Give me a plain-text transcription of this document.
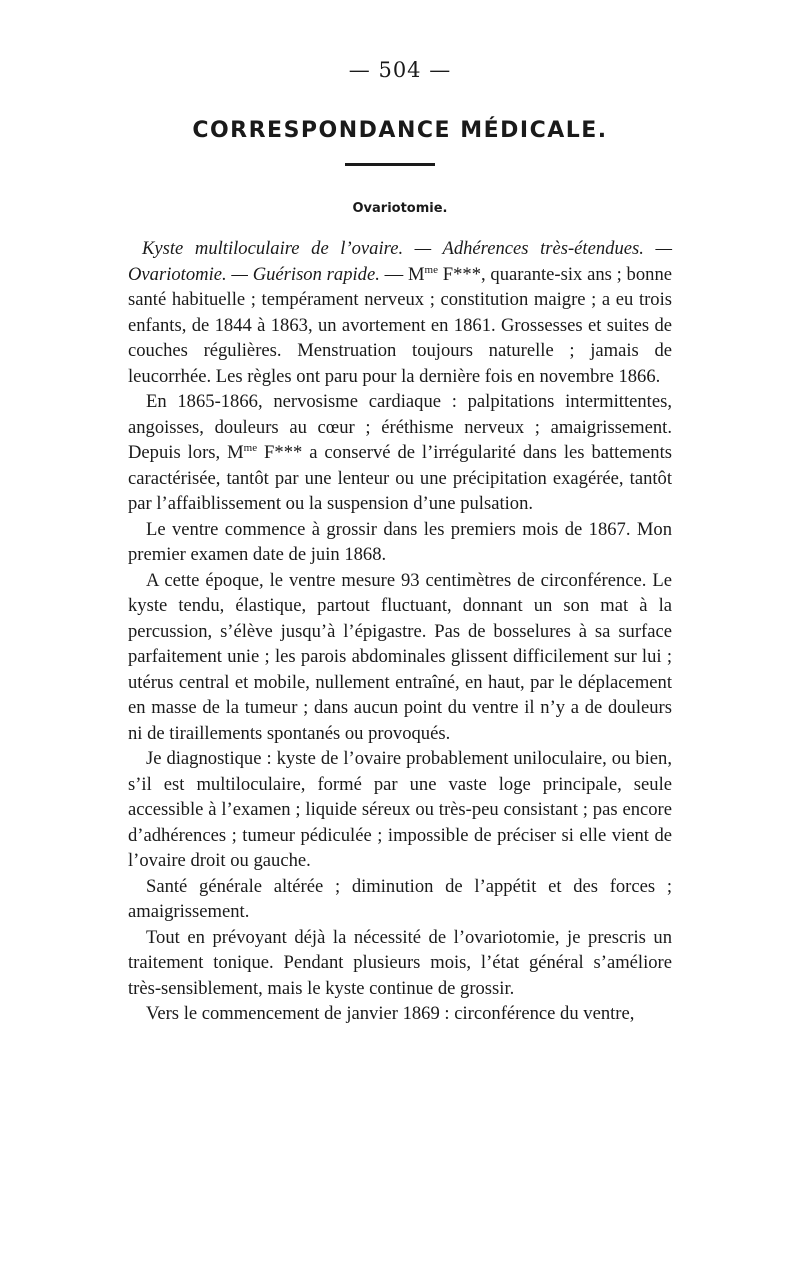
— 504 —
CORRESPONDANCE MÉDICALE.
Ovariotomie.

Kyste multiloculaire de l’ovaire. — Adhérences très-étendues. — Ovariotomie. — Guérison rapide. — $M^{me}$ F***, quarante-six ans ; bonne santé habituelle ; tempérament nerveux ; constitution maigre ; a eu trois enfants, de 1844 à 1863, un avortement en 1861. Grossesses et suites de couches régulières. Menstruation toujours naturelle ; jamais de leucorrhée. Les règles ont paru pour la dernière fois en novembre 1866.

En 1865-1866, nervosisme cardiaque : palpitations intermittentes, angoisses, douleurs au cœur ; éréthisme nerveux ; amaigrissement. Depuis lors, $M^{me}$ F*** a conservé de l’irrégularité dans les battements caractérisée, tantôt par une lenteur ou une précipitation exagérée, tantôt par l’affaiblissement ou la suspension d’une pulsation.

Le ventre commence à grossir dans les premiers mois de 1867. Mon premier examen date de juin 1868.

A cette époque, le ventre mesure 93 centimètres de circonférence. Le kyste tendu, élastique, partout fluctuant, donnant un son mat à la percussion, s’élève jusqu’à l’épigastre. Pas de bosselures à sa surface parfaitement unie ; les parois abdominales glissent difficilement sur lui ; utérus central et mobile, nullement entraîné, en haut, par le déplacement en masse de la tumeur ; dans aucun point du ventre il n’y a de douleurs ni de tiraillements spontanés ou provoqués.

Je diagnostique : kyste de l’ovaire probablement uniloculaire, ou bien, s’il est multiloculaire, formé par une vaste loge principale, seule accessible à l’examen ; liquide séreux ou très-peu consistant ; pas encore d’adhérences ; tumeur pédiculée ; impossible de préciser si elle vient de l’ovaire droit ou gauche.

Santé générale altérée ; diminution de l’appétit et des forces ; amaigrissement.

Tout en prévoyant déjà la nécessité de l’ovariotomie, je prescris un traitement tonique. Pendant plusieurs mois, l’état général s’améliore très-sensiblement, mais le kyste continue de grossir.

Vers le commencement de janvier 1869 : circonférence du ventre,
